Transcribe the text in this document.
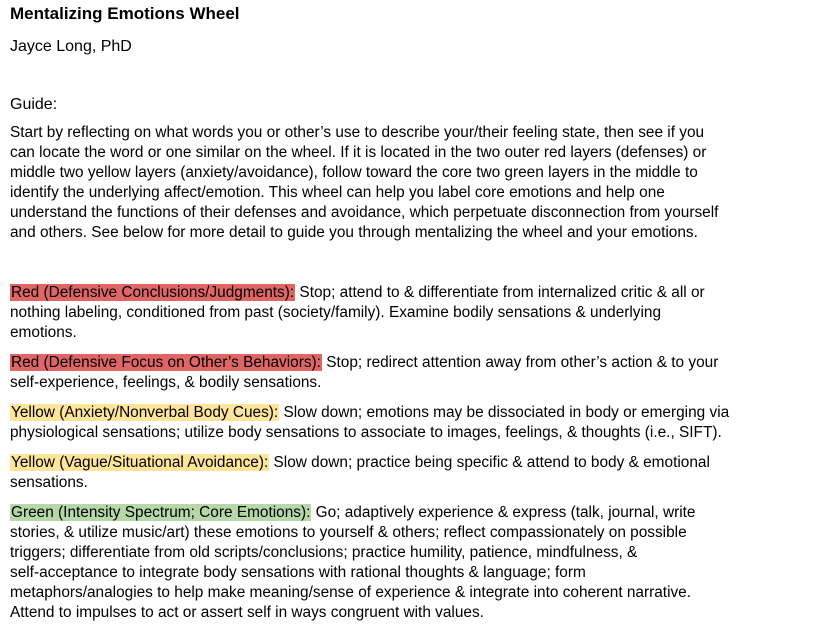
Mentalizing Emotions Wheel
Jayce Long, PhD
Guide:
Start by reflecting on what words you or other’s use to describe your/their feeling state, then see if you
can locate the word or one similar on the wheel. If it is located in the two outer red layers (defenses) or
middle two yellow layers (anxiety/avoidance), follow toward the core two green layers in the middle to
identify the underlying affect/emotion. This wheel can help you label core emotions and help one
understand the functions of their defenses and avoidance, which perpetuate disconnection from yourself
and others. See below for more detail to guide you through mentalizing the wheel and your emotions.
Red (Defensive Conclusions/Judgments): Stop; attend to & differentiate from internalized critic & all or
nothing labeling, conditioned from past (society/family). Examine bodily sensations & underlying
emotions.
Red (Defensive Focus on Other’s Behaviors): Stop; redirect attention away from other’s action & to your
self-experience, feelings, & bodily sensations.
Yellow (Anxiety/Nonverbal Body Cues): Slow down; emotions may be dissociated in body or emerging via
physiological sensations; utilize body sensations to associate to images, feelings, & thoughts (i.e., SIFT).
Yellow (Vague/Situational Avoidance): Slow down; practice being specific & attend to body & emotional
sensations.
Green (Intensity Spectrum; Core Emotions): Go; adaptively experience & express (talk, journal, write
stories, & utilize music/art) these emotions to yourself & others; reflect compassionately on possible
triggers; differentiate from old scripts/conclusions; practice humility, patience, mindfulness, &
self-acceptance to integrate body sensations with rational thoughts & language; form
metaphors/analogies to help make meaning/sense of experience & integrate into coherent narrative.
Attend to impulses to act or assert self in ways congruent with values.
